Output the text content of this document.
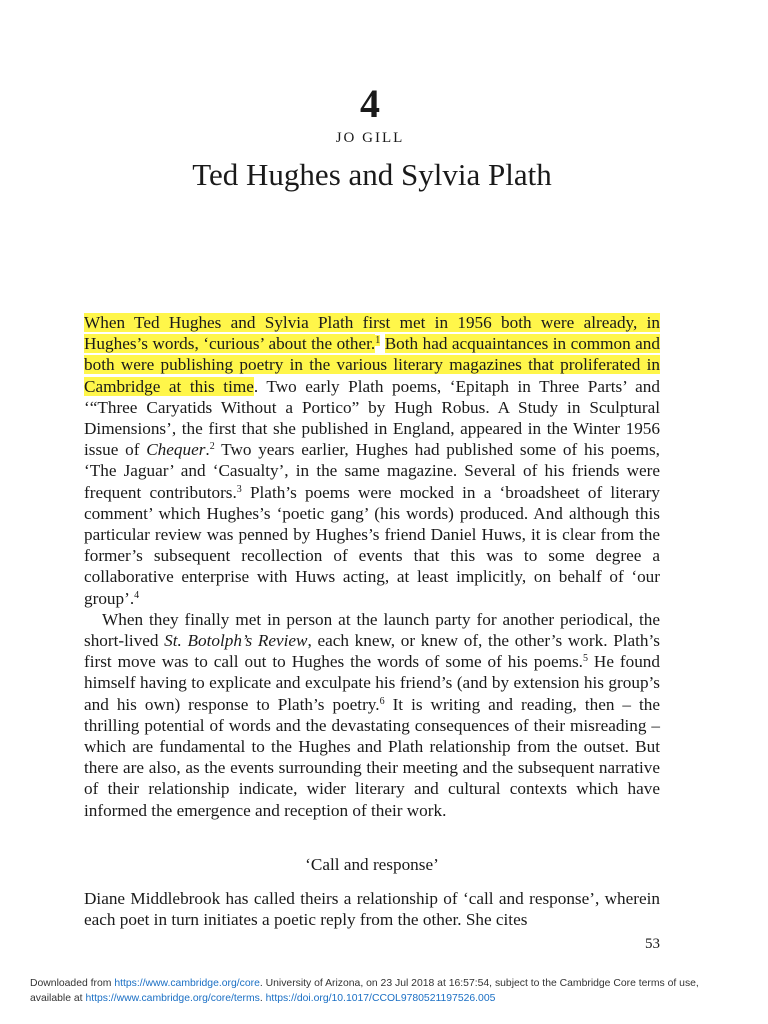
4
JO GILL
Ted Hughes and Sylvia Plath

When Ted Hughes and Sylvia Plath first met in 1956 both were already, in Hughes’s words, ‘curious’ about the other.$^1$ Both had acquaintances in common and both were publishing poetry in the various literary magazines that proliferated in Cambridge at this time. Two early Plath poems, ‘Epitaph in Three Parts’ and ‘“Three Caryatids Without a Portico” by Hugh Robus. A Study in Sculptural Dimensions’, the first that she published in England, appeared in the Winter 1956 issue of Chequer.$^2$ Two years earlier, Hughes had published some of his poems, ‘The Jaguar’ and ‘Casualty’, in the same magazine. Several of his friends were frequent contributors.$^3$ Plath’s poems were mocked in a ‘broadsheet of literary comment’ which Hughes’s ‘poetic gang’ (his words) produced. And although this particular review was penned by Hughes’s friend Daniel Huws, it is clear from the former’s subsequent recollection of events that this was to some degree a collaborative enterprise with Huws acting, at least implicitly, on behalf of ‘our group’.$^4$

When they finally met in person at the launch party for another periodical, the short-lived St. Botolph’s Review, each knew, or knew of, the other’s work. Plath’s first move was to call out to Hughes the words of some of his poems.$^5$ He found himself having to explicate and exculpate his friend’s (and by extension his group’s and his own) response to Plath’s poetry.$^6$ It is writing and reading, then – the thrilling potential of words and the devastating consequences of their misreading – which are fundamental to the Hughes and Plath relationship from the outset. But there are also, as the events surrounding their meeting and the subsequent narrative of their relationship indicate, wider literary and cultural contexts which have informed the emergence and reception of their work.

‘Call and response’

Diane Middlebrook has called theirs a relationship of ‘call and response’, wherein each poet in turn initiates a poetic reply from the other. She cites

53
Downloaded from https://www.cambridge.org/core. University of Arizona, on 23 Jul 2018 at 16:57:54, subject to the Cambridge Core terms of use, available at https://www.cambridge.org/core/terms. https://doi.org/10.1017/CCOL9780521197526.005
